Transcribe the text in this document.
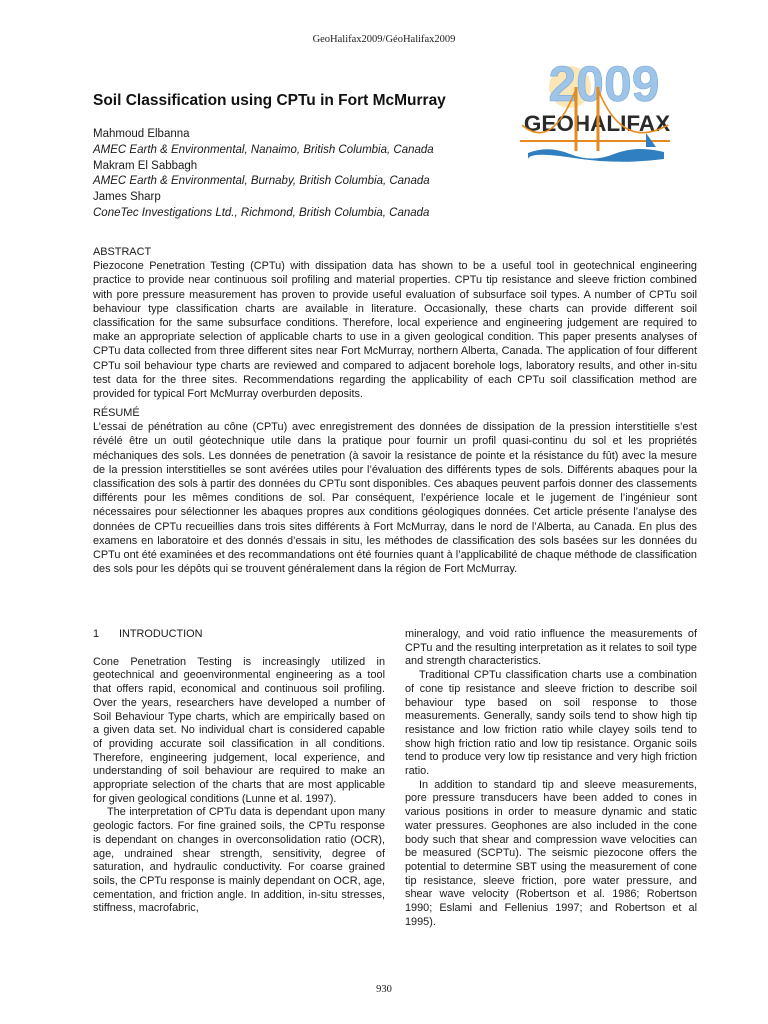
GeoHalifax2009/GéoHalifax2009
Soil Classification using CPTu in Fort McMurray
Mahmoud Elbanna
AMEC Earth & Environmental, Nanaimo, British Columbia, Canada
Makram El Sabbagh
AMEC Earth & Environmental, Burnaby, British Columbia, Canada
James Sharp
ConeTec Investigations Ltd., Richmond, British Columbia, Canada
2009
GEOHALIFAX
ABSTRACT

Piezocone Penetration Testing (CPTu) with dissipation data has shown to be a useful tool in geotechnical engineering practice to provide near continuous soil profiling and material properties. CPTu tip resistance and sleeve friction combined with pore pressure measurement has proven to provide useful evaluation of subsurface soil types. A number of CPTu soil behaviour type classification charts are available in literature. Occasionally, these charts can provide different soil classification for the same subsurface conditions. Therefore, local experience and engineering judgement are required to make an appropriate selection of applicable charts to use in a given geological condition. This paper presents analyses of CPTu data collected from three different sites near Fort McMurray, northern Alberta, Canada. The application of four different CPTu soil behaviour type charts are reviewed and compared to adjacent borehole logs, laboratory results, and other in-situ test data for the three sites. Recommendations regarding the applicability of each CPTu soil classification method are provided for typical Fort McMurray overburden deposits.

RÉSUMÉ

L’essai de pénétration au cône (CPTu) avec enregistrement des données de dissipation de la pression interstitielle s’est révélé être un outil géotechnique utile dans la pratique pour fournir un profil quasi-continu du sol et les propriétés méchaniques des sols. Les données de penetration (à savoir la resistance de pointe et la résistance du fût) avec la mesure de la pression interstitielles se sont avérées utiles pour l’évaluation des différents types de sols. Différents abaques pour la classification des sols à partir des données du CPTu sont disponibles. Ces abaques peuvent parfois donner des classements différents pour les mêmes conditions de sol. Par conséquent, l’expérience locale et le jugement de l’ingénieur sont nécessaires pour sélectionner les abaques propres aux conditions géologiques données. Cet article présente l’analyse des données de CPTu recueillies dans trois sites différents à Fort McMurray, dans le nord de l’Alberta, au Canada. En plus des examens en laboratoire et des donnés d’essais in situ, les méthodes de classification des sols basées sur les données du CPTu ont été examinées et des recommandations ont été fournies quant à l’applicabilité de chaque méthode de classification des sols pour les dépôts qui se trouvent généralement dans la région de Fort McMurray.

1 INTRODUCTION

Cone Penetration Testing is increasingly utilized in geotechnical and geoenvironmental engineering as a tool that offers rapid, economical and continuous soil profiling. Over the years, researchers have developed a number of Soil Behaviour Type charts, which are empirically based on a given data set. No individual chart is considered capable of providing accurate soil classification in all conditions. Therefore, engineering judgement, local experience, and understanding of soil behaviour are required to make an appropriate selection of the charts that are most applicable for given geological conditions (Lunne et al. 1997).

The interpretation of CPTu data is dependant upon many geologic factors. For fine grained soils, the CPTu response is dependant on changes in overconsolidation ratio (OCR), age, undrained shear strength, sensitivity, degree of saturation, and hydraulic conductivity. For coarse grained soils, the CPTu response is mainly dependant on OCR, age, cementation, and friction angle. In addition, in-situ stresses, stiffness, macrofabric,

mineralogy, and void ratio influence the measurements of CPTu and the resulting interpretation as it relates to soil type and strength characteristics.

Traditional CPTu classification charts use a combination of cone tip resistance and sleeve friction to describe soil behaviour type based on soil response to those measurements. Generally, sandy soils tend to show high tip resistance and low friction ratio while clayey soils tend to show high friction ratio and low tip resistance. Organic soils tend to produce very low tip resistance and very high friction ratio.

In addition to standard tip and sleeve measurements, pore pressure transducers have been added to cones in various positions in order to measure dynamic and static water pressures. Geophones are also included in the cone body such that shear and compression wave velocities can be measured (SCPTu). The seismic piezocone offers the potential to determine SBT using the measurement of cone tip resistance, sleeve friction, pore water pressure, and shear wave velocity (Robertson et al. 1986; Robertson 1990; Eslami and Fellenius 1997; and Robertson et al 1995).

930
